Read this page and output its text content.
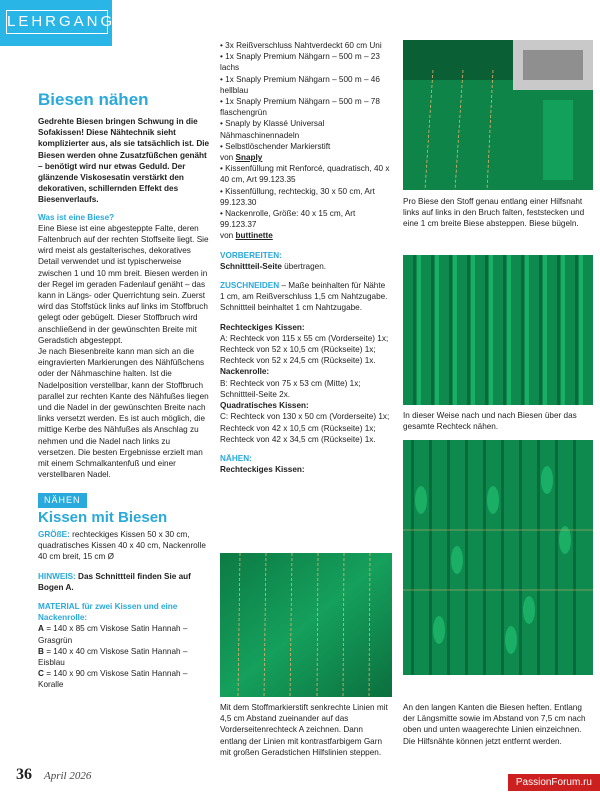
LEHRGANG
Biesen nähen

Gedrehte Biesen bringen Schwung in die Sofakissen! Diese Nähtechnik sieht komplizierter aus, als sie tatsächlich ist. Die Biesen werden ohne Zusatzfüßchen genäht – benötigt wird nur etwas Geduld. Der glänzende Viskosesatin verstärkt den dekorativen, schillernden Effekt des Biesenverlaufs.

Was ist eine Biese?

Eine Biese ist eine abgesteppte Falte, deren Faltenbruch auf der rechten Stoffseite liegt. Sie wird meist als gestalterisches, dekoratives Detail verwendet und ist typischerweise zwischen 1 und 10 mm breit. Biesen werden in der Regel im geraden Fadenlauf genäht – das kann in Längs- oder Querrichtung sein. Zuerst wird das Stoffstück links auf links im Stoffbruch gelegt oder gebügelt. Dieser Stoffbruch wird anschließend in der gewünschten Breite mit Geradstich abgesteppt.

Je nach Biesenbreite kann man sich an die eingravierten Markierungen des Nähfüßchens oder der Nähmaschine halten. Ist die Nadelposition verstellbar, kann der Stoffbruch parallel zur rechten Kante des Nähfußes liegen und die Nadel in der gewünschten Breite nach links versetzt werden. Es ist auch möglich, die mittige Kerbe des Nähfußes als Anschlag zu nehmen und die Nadel nach links zu versetzen. Die besten Ergebnisse erzielt man mit einem Schmalkantenfuß und einer verstellbaren Nadel.

NÄHEN
Kissen mit Biesen

GRÖßE: rechteckiges Kissen 50 x 30 cm, quadratisches Kissen 40 x 40 cm, Nackenrolle 40 cm breit, 15 cm Ø

HINWEIS: Das Schnittteil finden Sie auf Bogen A.

MATERIAL für zwei Kissen und eine Nackenrolle:

A = 140 x 85 cm Viskose Satin Hannah – Grasgrün

B = 140 x 40 cm Viskose Satin Hannah – Eisblau

C = 140 x 90 cm Viskose Satin Hannah – Koralle

• 3x Reißverschluss Nahtverdeckt 60 cm Uni

• 1x Snaply Premium Nähgarn – 500 m – 23 lachs

• 1x Snaply Premium Nähgarn – 500 m – 46 hellblau

• 1x Snaply Premium Nähgarn – 500 m – 78 flaschengrün

• Snaply by Klassé Universal Nähmaschinennadeln

• Selbstlöschender Markierstift

von Snaply

• Kissenfüllung mit Renforcé, quadratisch, 40 x 40 cm, Art 99.123.35

• Kissenfüllung, rechteckig, 30 x 50 cm, Art 99.123.30

• Nackenrolle, Größe: 40 x 15 cm, Art 99.123.37

von buttinette

VORBEREITEN:

Schnittteil-Seite übertragen.

ZUSCHNEIDEN – Maße beinhalten für Nähte 1 cm, am Reißverschluss 1,5 cm Nahtzugabe. Schnittteil beinhaltet 1 cm Nahtzugabe.

Rechteckiges Kissen:

A: Rechteck von 115 x 55 cm (Vorderseite) 1x; Rechteck von 52 x 10,5 cm (Rückseite) 1x; Rechteck von 52 x 24,5 cm (Rückseite) 1x.

Nackenrolle:

B: Rechteck von 75 x 53 cm (Mitte) 1x; Schnittteil-Seite 2x.

Quadratisches Kissen:

C: Rechteck von 130 x 50 cm (Vorderseite) 1x; Rechteck von 42 x 10,5 cm (Rückseite) 1x; Rechteck von 42 x 34,5 cm (Rückseite) 1x.

NÄHEN:

Rechteckiges Kissen:

Mit dem Stoffmarkierstift senkrechte Linien mit 4,5 cm Abstand zueinander auf das Vorderseitenrechteck A zeichnen. Dann entlang der Linien mit kontrastfarbigem Garn mit großen Geradstichen Hilfslinien steppen.
Pro Biese den Stoff genau entlang einer Hilfsnaht links auf links in den Bruch falten, feststecken und eine 1 cm breite Biese absteppen. Biese bügeln.
In dieser Weise nach und nach Biesen über das gesamte Rechteck nähen.
An den langen Kanten die Biesen heften. Entlang der Längsmitte sowie im Abstand von 7,5 cm nach oben und unten waagerechte Linien einzeichnen. Die Hilfsnähte können jetzt entfernt werden.
36 April 2026
PassionForum.ru
